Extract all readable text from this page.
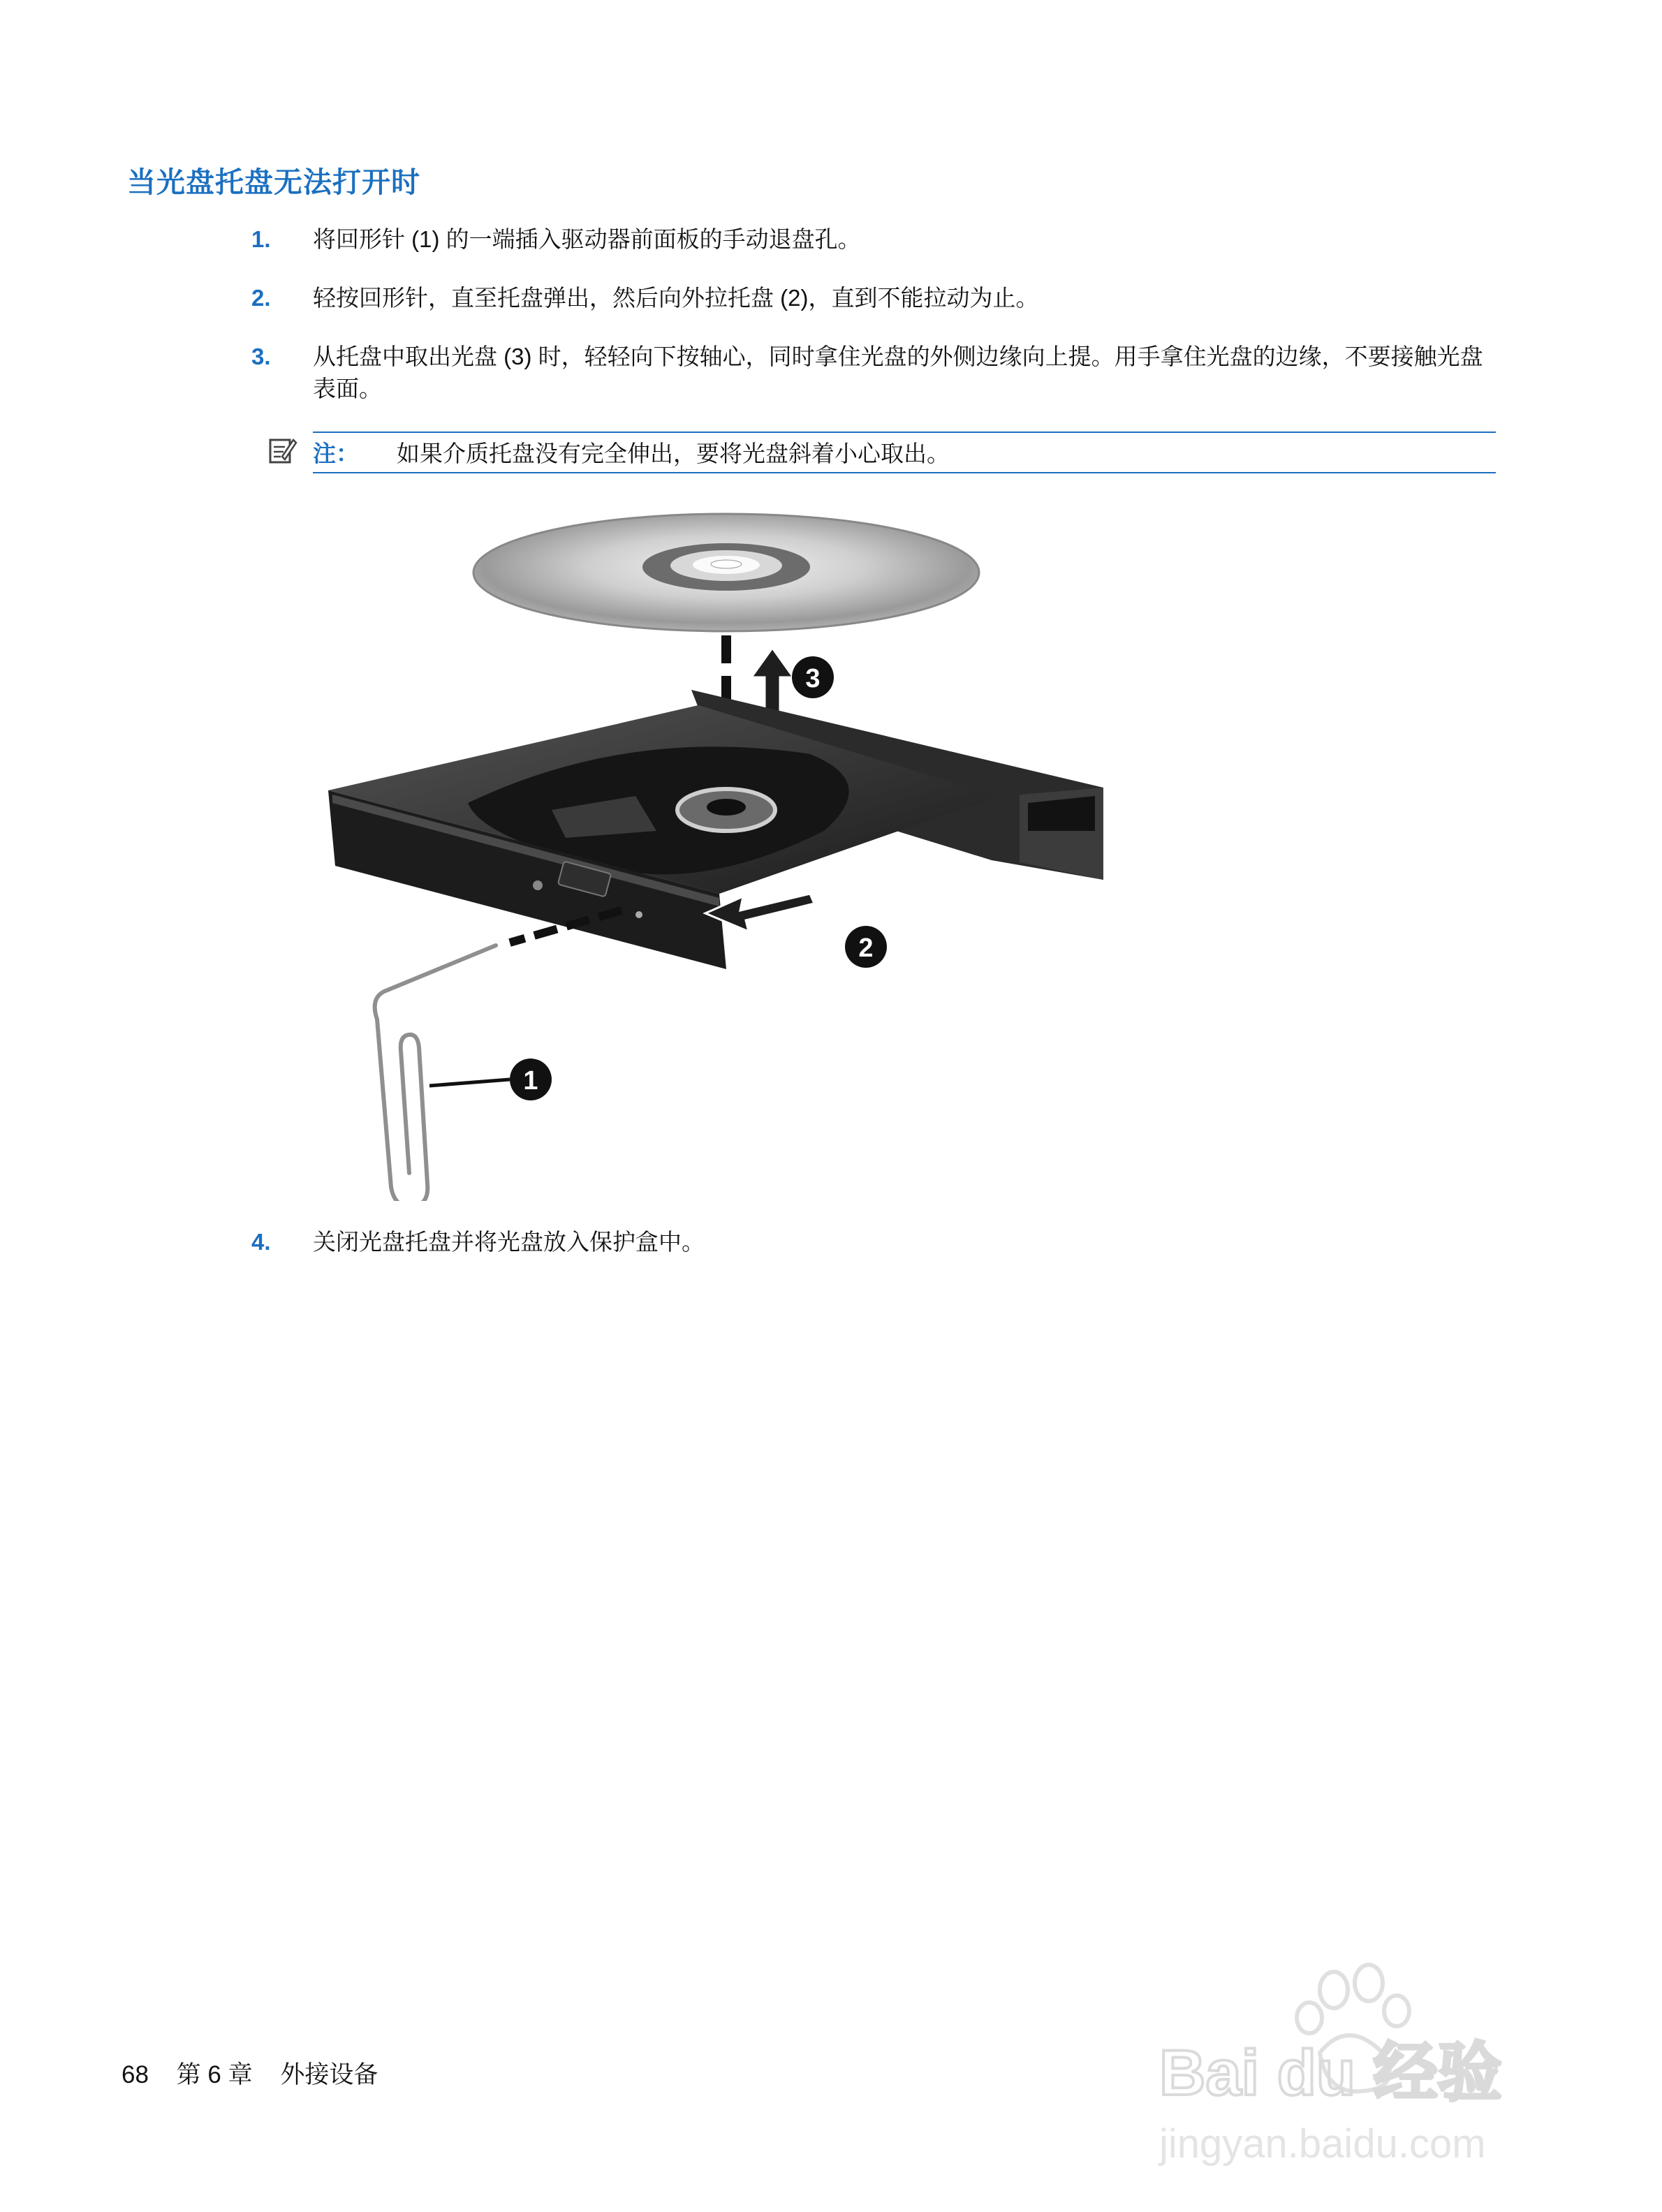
当光盘托盘无法打开时
1. 将回形针 (1) 的一端插入驱动器前面板的手动退盘孔。
2. 轻按回形针，直至托盘弹出，然后向外拉托盘 (2)，直到不能拉动为止。
3. 从托盘中取出光盘 (3) 时，轻轻向下按轴心，同时拿住光盘的外侧边缘向上提。用手拿住光盘的边缘，不要接触光盘表面。
注： 如果介质托盘没有完全伸出，要将光盘斜着小心取出。
1
2
3
4. 关闭光盘托盘并将光盘放入保护盒中。
68 第 6 章 外接设备	Bai du 经验
jingyan.baidu.com
